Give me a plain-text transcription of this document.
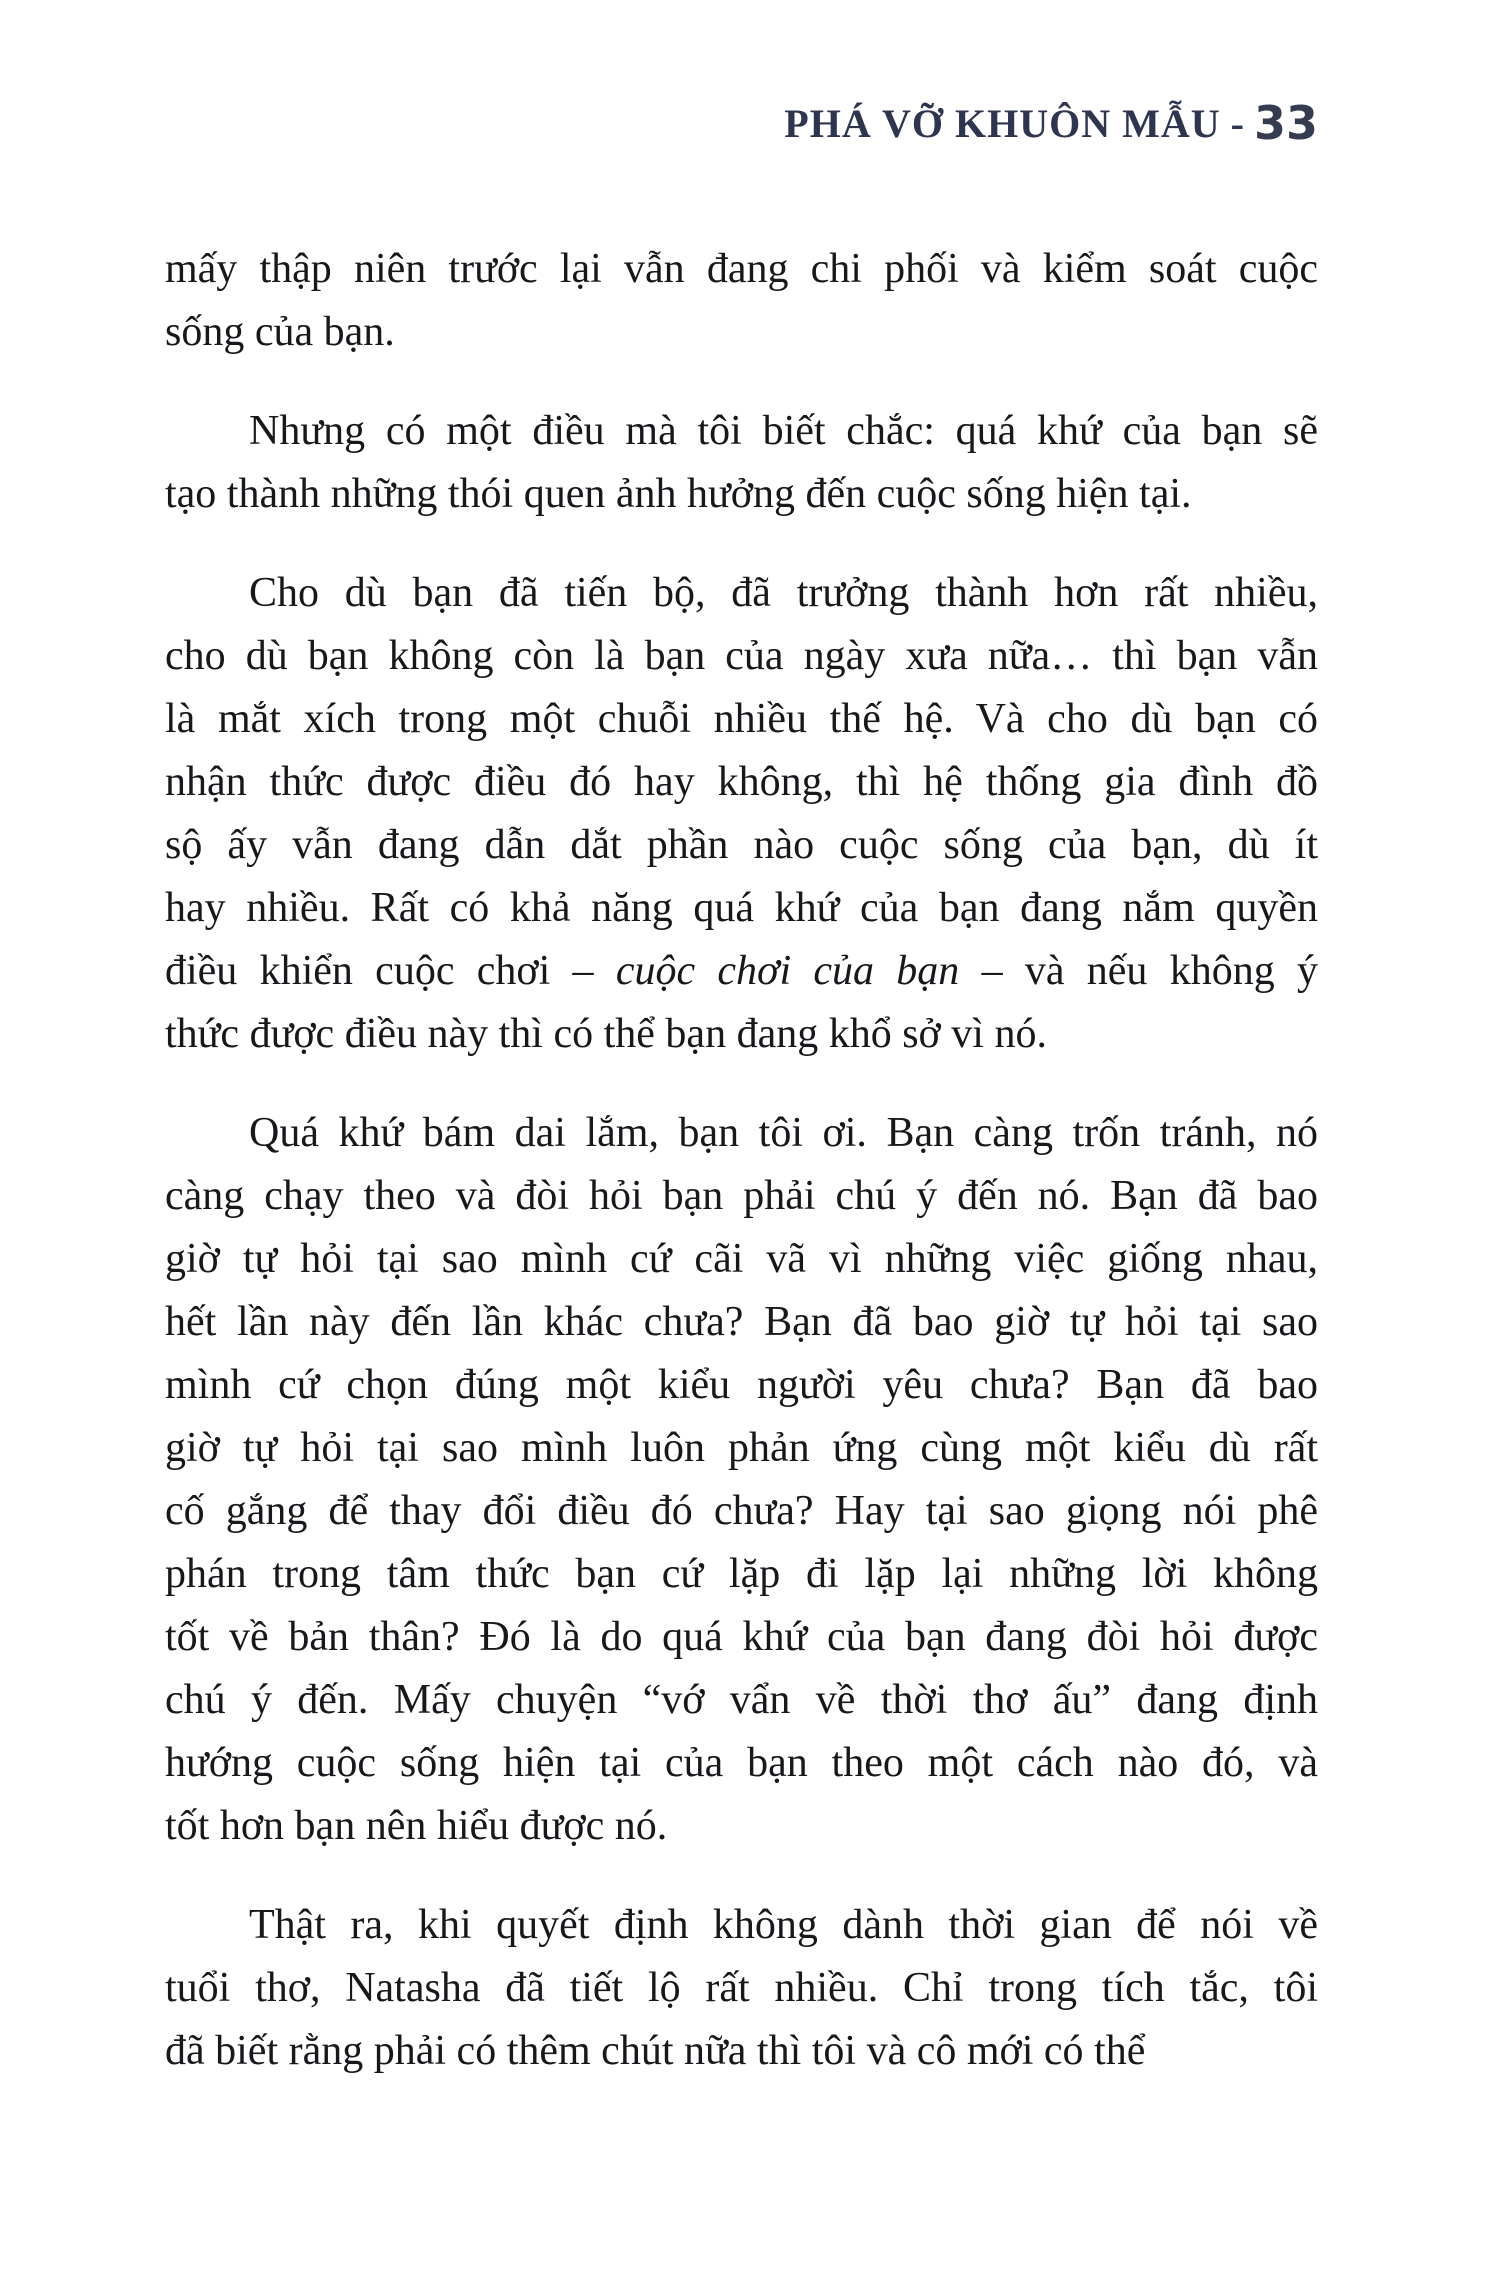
PHÁ VỠ KHUÔN MẪU - 33
mấy thập niên trước lại vẫn đang chi phối và kiểm soát cuộc
sống của bạn.
Nhưng có một điều mà tôi biết chắc: quá khứ của bạn sẽ
tạo thành những thói quen ảnh hưởng đến cuộc sống hiện tại.
Cho dù bạn đã tiến bộ, đã trưởng thành hơn rất nhiều,
cho dù bạn không còn là bạn của ngày xưa nữa… thì bạn vẫn
là mắt xích trong một chuỗi nhiều thế hệ. Và cho dù bạn có
nhận thức được điều đó hay không, thì hệ thống gia đình đồ
sộ ấy vẫn đang dẫn dắt phần nào cuộc sống của bạn, dù ít
hay nhiều. Rất có khả năng quá khứ của bạn đang nắm quyền
điều khiển cuộc chơi – cuộc chơi của bạn – và nếu không ý
thức được điều này thì có thể bạn đang khổ sở vì nó.
Quá khứ bám dai lắm, bạn tôi ơi. Bạn càng trốn tránh, nó
càng chạy theo và đòi hỏi bạn phải chú ý đến nó. Bạn đã bao
giờ tự hỏi tại sao mình cứ cãi vã vì những việc giống nhau,
hết lần này đến lần khác chưa? Bạn đã bao giờ tự hỏi tại sao
mình cứ chọn đúng một kiểu người yêu chưa? Bạn đã bao
giờ tự hỏi tại sao mình luôn phản ứng cùng một kiểu dù rất
cố gắng để thay đổi điều đó chưa? Hay tại sao giọng nói phê
phán trong tâm thức bạn cứ lặp đi lặp lại những lời không
tốt về bản thân? Đó là do quá khứ của bạn đang đòi hỏi được
chú ý đến. Mấy chuyện “vớ vẩn về thời thơ ấu” đang định
hướng cuộc sống hiện tại của bạn theo một cách nào đó, và
tốt hơn bạn nên hiểu được nó.
Thật ra, khi quyết định không dành thời gian để nói về
tuổi thơ, Natasha đã tiết lộ rất nhiều. Chỉ trong tích tắc, tôi
đã biết rằng phải có thêm chút nữa thì tôi và cô mới có thể
